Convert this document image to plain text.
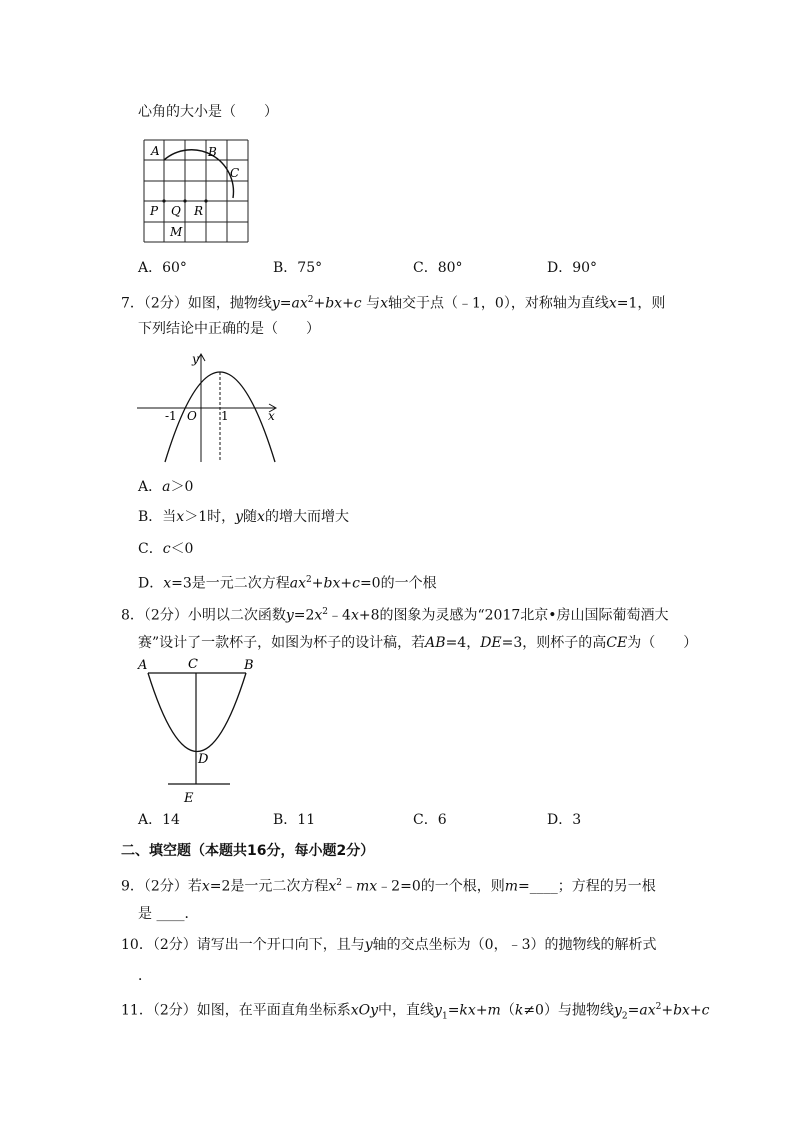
心角的大小是（　　）
A	B
C
P Q R
M
A．60°	B．75°	C．80°	D．90°
7．（2分）如图，抛物线$y=ax^2+bx+c$ 与x轴交于点（﹣1，0），对称轴为直线x=1，则
下列结论中正确的是（　　）
y
x
-1 O 1
A．a＞0
B．当x＞1时，y随x的增大而增大
C．c＜0
D．x=3是一元二次方程$ax^2+bx+c=0$的一个根
8．（2分）小明以二次函数$y=2x^2﹣4x+8$的图象为灵感为“2017北京•房山国际葡萄酒大
赛”设计了一款杯子，如图为杯子的设计稿，若AB=4，DE=3，则杯子的高CE为（　　）
A	C	B
D
E
A．14	B．11	C．6	D．3
二、填空题（本题共16分，每小题2分）
9．（2分）若x=2是一元二次方程$x^2﹣mx﹣2=0$的一个根，则m=____；方程的另一根
是 ____．
10．（2分）请写出一个开口向下，且与y轴的交点坐标为（0，﹣3）的抛物线的解析式
．
11．（2分）如图，在平面直角坐标系xOy中，直线$y_1=kx+m(k\ne 0)$与抛物线$y_2=ax^2+bx+c$
